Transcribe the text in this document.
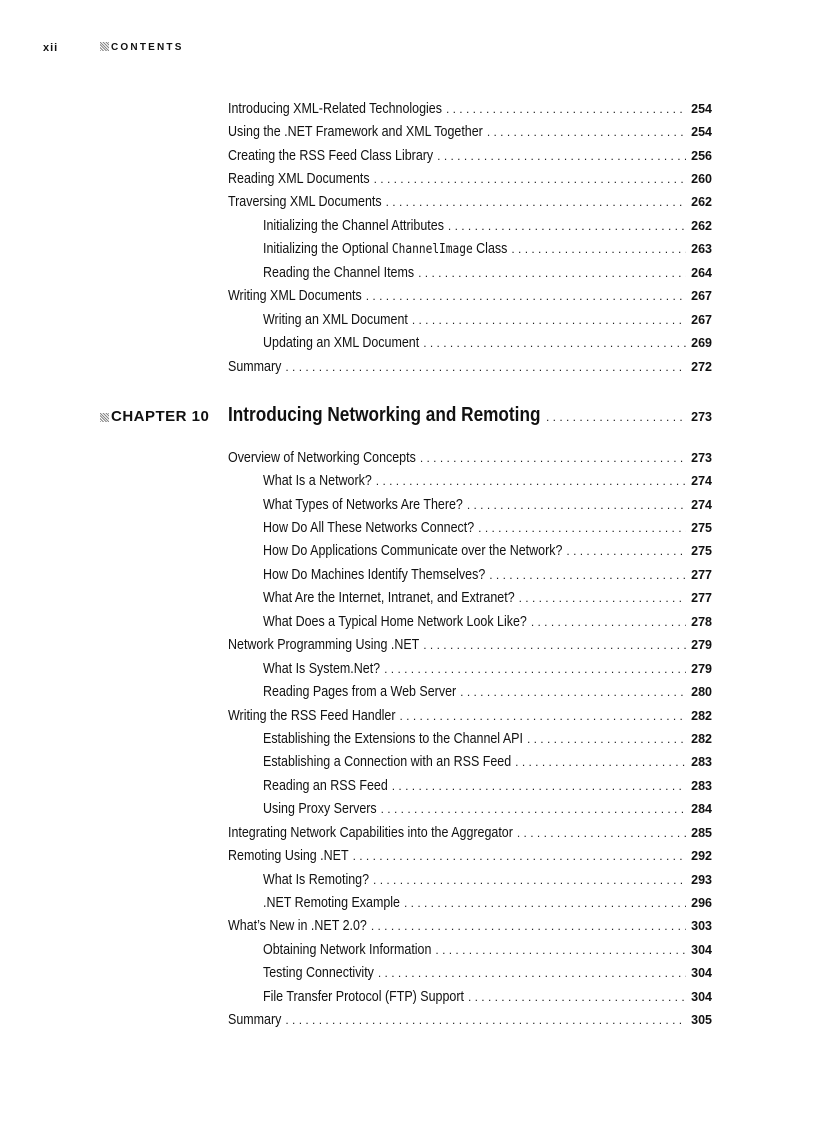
xii	CONTENTS
Introducing XML-Related Technologies . . .	254
Using the .NET Framework and XML Together . . .	254
Creating the RSS Feed Class Library . . .	256
Reading XML Documents . . .	260
Traversing XML Documents . . .	262
Initializing the Channel Attributes . . .	262
Initializing the Optional ChannelImage Class . . .	263
Reading the Channel Items . . .	264
Writing XML Documents . . .	267
Writing an XML Document . . .	267
Updating an XML Document . . .	269
Summary . . .	272
CHAPTER 10 Introducing Networking and Remoting . . .	273
Overview of Networking Concepts . . .	273
What Is a Network? . . .	274
What Types of Networks Are There? . . .	274
How Do All These Networks Connect? . . .	275
How Do Applications Communicate over the Network? . . .	275
How Do Machines Identify Themselves? . . .	277
What Are the Internet, Intranet, and Extranet? . . .	277
What Does a Typical Home Network Look Like? . . .	278
Network Programming Using .NET . . .	279
What Is System.Net? . . .	279
Reading Pages from a Web Server . . .	280
Writing the RSS Feed Handler . . .	282
Establishing the Extensions to the Channel API . . .	282
Establishing a Connection with an RSS Feed . . .	283
Reading an RSS Feed . . .	283
Using Proxy Servers . . .	284
Integrating Network Capabilities into the Aggregator . . .	285
Remoting Using .NET . . .	292
What Is Remoting? . . .	293
.NET Remoting Example . . .	296
What’s New in .NET 2.0? . . .	303
Obtaining Network Information . . .	304
Testing Connectivity . . .	304
File Transfer Protocol (FTP) Support . . .	304
Summary . . .	305
